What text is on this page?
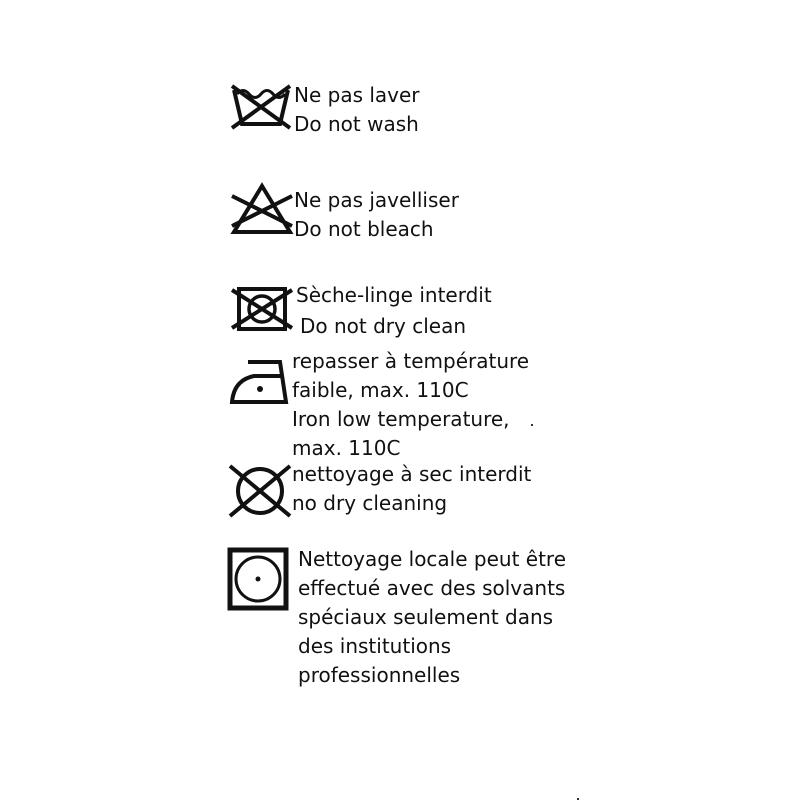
Ne pas laver
Do not wash
Ne pas javelliser
Do not bleach
Sèche-linge interdit
Do not dry clean
repasser à température
faible, max. 110C
Iron low temperature,
max. 110C
nettoyage à sec interdit
no dry cleaning
Nettoyage locale peut être
effectué avec des solvants
spéciaux seulement dans
des institutions
professionnelles
